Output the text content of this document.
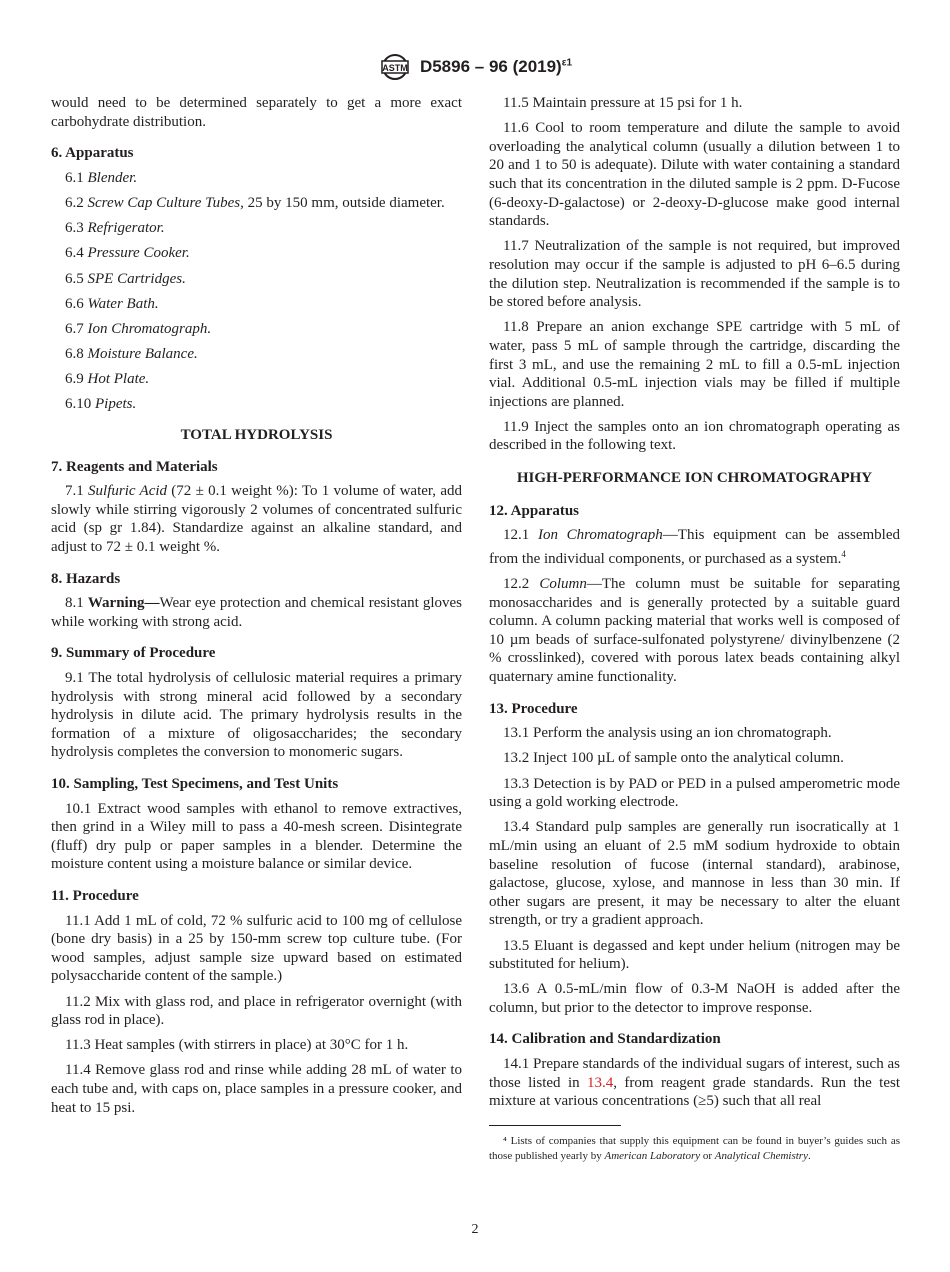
ASTM D5896 – 96 $(2019)^{\varepsilon 1}$

would need to be determined separately to get a more exact carbohydrate distribution.

6. Apparatus

6.1 Blender.

6.2 Screw Cap Culture Tubes, 25 by 150 mm, outside diameter.

6.3 Refrigerator.

6.4 Pressure Cooker.

6.5 SPE Cartridges.

6.6 Water Bath.

6.7 Ion Chromatograph.

6.8 Moisture Balance.

6.9 Hot Plate.

6.10 Pipets.

TOTAL HYDROLYSIS
7. Reagents and Materials

7.1 Sulfuric Acid (72 ± 0.1 weight %): To 1 volume of water, add slowly while stirring vigorously 2 volumes of concentrated sulfuric acid (sp gr 1.84). Standardize against an alkaline standard, and adjust to 72 ± 0.1 weight %.

8. Hazards

8.1 Warning—Wear eye protection and chemical resistant gloves while working with strong acid.

9. Summary of Procedure

9.1 The total hydrolysis of cellulosic material requires a primary hydrolysis with strong mineral acid followed by a secondary hydrolysis in dilute acid. The primary hydrolysis results in the formation of a mixture of oligosaccharides; the secondary hydrolysis completes the conversion to monomeric sugars.

10. Sampling, Test Specimens, and Test Units

10.1 Extract wood samples with ethanol to remove extractives, then grind in a Wiley mill to pass a 40-mesh screen. Disintegrate (fluff) dry pulp or paper samples in a blender. Determine the moisture content using a moisture balance or similar device.

11. Procedure

11.1 Add 1 mL of cold, 72 % sulfuric acid to 100 mg of cellulose (bone dry basis) in a 25 by 150-mm screw top culture tube. (For wood samples, adjust sample size upward based on estimated polysaccharide content of the sample.)

11.2 Mix with glass rod, and place in refrigerator overnight (with glass rod in place).

11.3 Heat samples (with stirrers in place) at 30°C for 1 h.

11.4 Remove glass rod and rinse while adding 28 mL of water to each tube and, with caps on, place samples in a pressure cooker, and heat to 15 psi.

11.5 Maintain pressure at 15 psi for 1 h.

11.6 Cool to room temperature and dilute the sample to avoid overloading the analytical column (usually a dilution between 1 to 20 and 1 to 50 is adequate). Dilute with water containing a standard such that its concentration in the diluted sample is 2 ppm. D-Fucose (6-deoxy-D-galactose) or 2-deoxy-D-glucose make good internal standards.

11.7 Neutralization of the sample is not required, but improved resolution may occur if the sample is adjusted to pH 6–6.5 during the dilution step. Neutralization is recommended if the sample is to be stored before analysis.

11.8 Prepare an anion exchange SPE cartridge with 5 mL of water, pass 5 mL of sample through the cartridge, discarding the first 3 mL, and use the remaining 2 mL to fill a 0.5-mL injection vial. Additional 0.5-mL injection vials may be filled if multiple injections are planned.

11.9 Inject the samples onto an ion chromatograph operating as described in the following text.

HIGH-PERFORMANCE ION CHROMATOGRAPHY
12. Apparatus

12.1 Ion Chromatograph—This equipment can be assembled from the individual components, or purchased as a system.$^4$

12.2 Column—The column must be suitable for separating monosaccharides and is generally protected by a suitable guard column. A column packing material that works well is composed of 10 µm beads of surface-sulfonated polystyrene/ divinylbenzene (2 % crosslinked), covered with porous latex beads containing alkyl quaternary amine functionality.

13. Procedure

13.1 Perform the analysis using an ion chromatograph.

13.2 Inject 100 µL of sample onto the analytical column.

13.3 Detection is by PAD or PED in a pulsed amperometric mode using a gold working electrode.

13.4 Standard pulp samples are generally run isocratically at 1 mL/min using an eluant of 2.5 mM sodium hydroxide to obtain baseline resolution of fucose (internal standard), arabinose, galactose, glucose, xylose, and mannose in less than 30 min. If other sugars are present, it may be necessary to alter the eluant strength, or try a gradient approach.

13.5 Eluant is degassed and kept under helium (nitrogen may be substituted for helium).

13.6 A 0.5-mL/min flow of 0.3-M NaOH is added after the column, but prior to the detector to improve response.

14. Calibration and Standardization

14.1 Prepare standards of the individual sugars of interest, such as those listed in 13.4, from reagent grade standards. Run the test mixture at various concentrations (≥5) such that all real

⁴ Lists of companies that supply this equipment can be found in buyer’s guides such as those published yearly by American Laboratory or Analytical Chemistry.

2
